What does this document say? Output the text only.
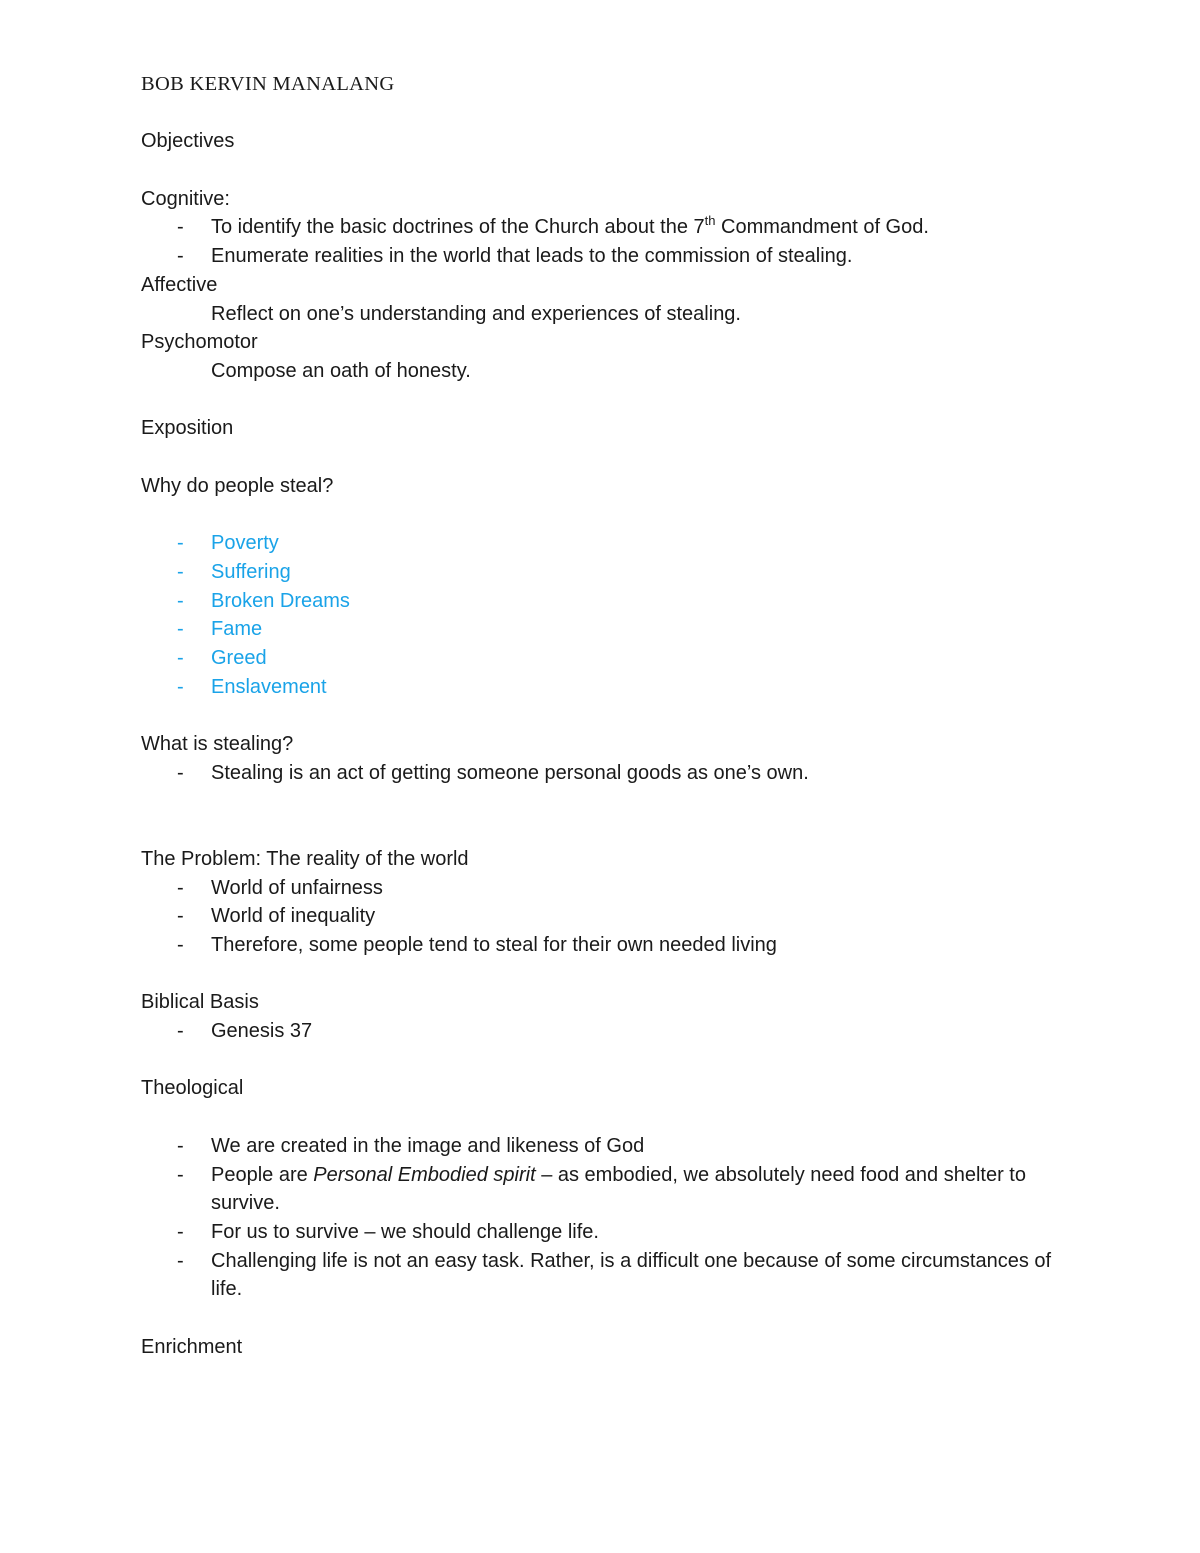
BOB KERVIN MANALANG
Objectives
Cognitive:
-	To identify the basic doctrines of the Church about the 7th Commandment of God.
-	Enumerate realities in the world that leads to the commission of stealing.
Affective
Reflect on one’s understanding and experiences of stealing.
Psychomotor
Compose an oath of honesty.
Exposition
Why do people steal?
-	Poverty
-	Suffering
-	Broken Dreams
-	Fame
-	Greed
-	Enslavement
What is stealing?
-	Stealing is an act of getting someone personal goods as one’s own.
The Problem: The reality of the world
-	World of unfairness
-	World of inequality
-	Therefore, some people tend to steal for their own needed living
Biblical Basis
-	Genesis 37
Theological
-	We are created in the image and likeness of God
-	People are Personal Embodied spirit – as embodied, we absolutely need food and shelter to survive.
-	For us to survive – we should challenge life.
-	Challenging life is not an easy task. Rather, is a difficult one because of some circumstances of life.
Enrichment
